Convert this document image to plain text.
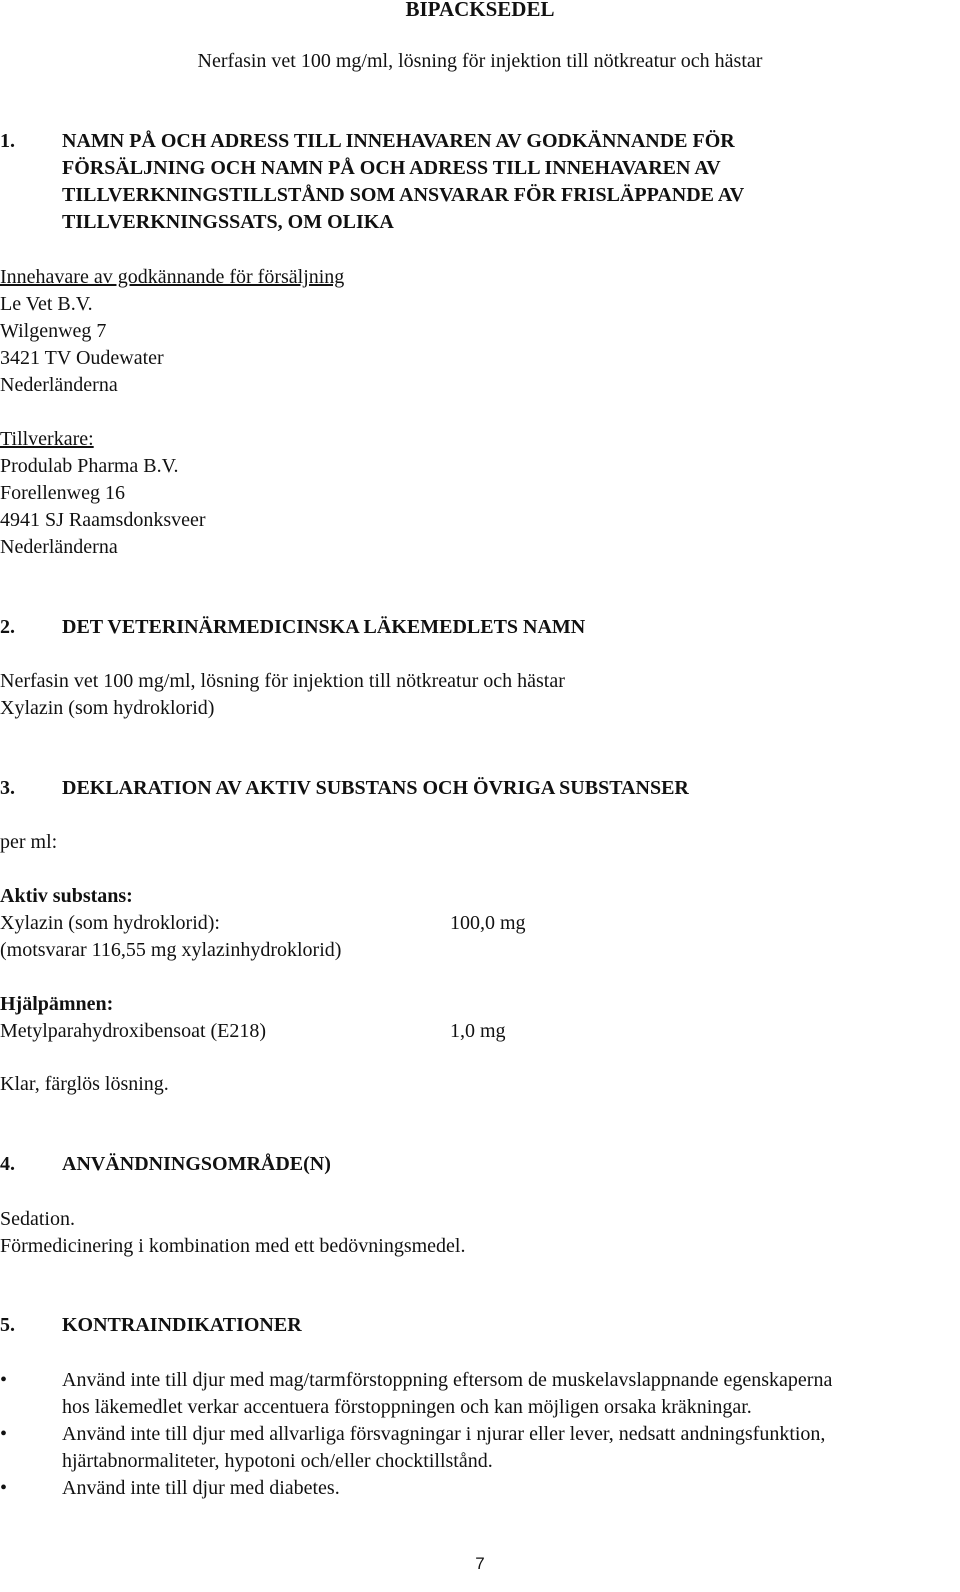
BIPACKSEDEL
Nerfasin vet 100 mg/ml, lösning för injektion till nötkreatur och hästar
1. NAMN PÅ OCH ADRESS TILL INNEHAVAREN AV GODKÄNNANDE FÖR
FÖRSÄLJNING OCH NAMN PÅ OCH ADRESS TILL INNEHAVAREN AV
TILLVERKNINGSTILLSTÅND SOM ANSVARAR FÖR FRISLÄPPANDE AV
TILLVERKNINGSSATS, OM OLIKA
Innehavare av godkännande för försäljning
Le Vet B.V.
Wilgenweg 7
3421 TV Oudewater
Nederländerna
Tillverkare:
Produlab Pharma B.V.
Forellenweg 16
4941 SJ Raamsdonksveer
Nederländerna
2. DET VETERINÄRMEDICINSKA LÄKEMEDLETS NAMN
Nerfasin vet 100 mg/ml, lösning för injektion till nötkreatur och hästar
Xylazin (som hydroklorid)
3. DEKLARATION AV AKTIV SUBSTANS OCH ÖVRIGA SUBSTANSER
per ml:
Aktiv substans:
Xylazin (som hydroklorid):	100,0 mg
(motsvarar 116,55 mg xylazinhydroklorid)
Hjälpämnen:
Metylparahydroxibensoat (E218)	1,0 mg
Klar, färglös lösning.
4. ANVÄNDNINGSOMRÅDE(N)
Sedation.
Förmedicinering i kombination med ett bedövningsmedel.
5. KONTRAINDIKATIONER
•	Använd inte till djur med mag/tarmförstoppning eftersom de muskelavslappnande egenskaperna
hos läkemedlet verkar accentuera förstoppningen och kan möjligen orsaka kräkningar.
•	Använd inte till djur med allvarliga försvagningar i njurar eller lever, nedsatt andningsfunktion,
hjärtabnormaliteter, hypotoni och/eller chocktillstånd.
•	Använd inte till djur med diabetes.
7
